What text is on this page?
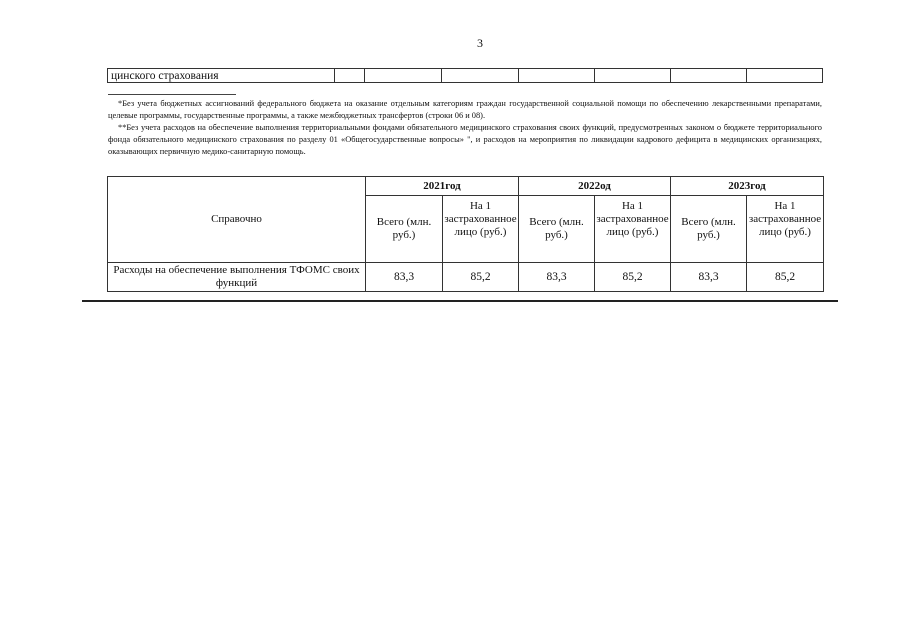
3
цинского страхования							

*Без учета бюджетных ассигнований федерального бюджета на оказание отдельным категориям граждан государственной социальной помощи по обеспечению лекарственными препаратами, целевые программы, государственные программы, а также межбюджетных трансфертов (строки 06 и 08).

**Без учета расходов на обеспечение выполнения территориальными фондами обязательного медицинского страхования своих функций, предусмотренных законом о бюджете территориального фонда обязательного медицинского страхования по разделу 01 «Общегосударственные вопросы» ", и расходов на мероприятия по ликвидации кадрового дефицита в медицинских организациях, оказывающих первичную медико-санитарную помощь.

Справочно	2021год		2022од		2023год	
	Всего (млн. руб.)	На 1 застрахованное лицо (руб.)	Всего (млн. руб.)	На 1 застрахованное лицо (руб.)	Всего (млн. руб.)	На 1 застрахованное лицо (руб.)
Расходы на обеспечение выполнения ТФОМС своих функций	83,3	85,2	83,3	85,2	83,3	85,2
